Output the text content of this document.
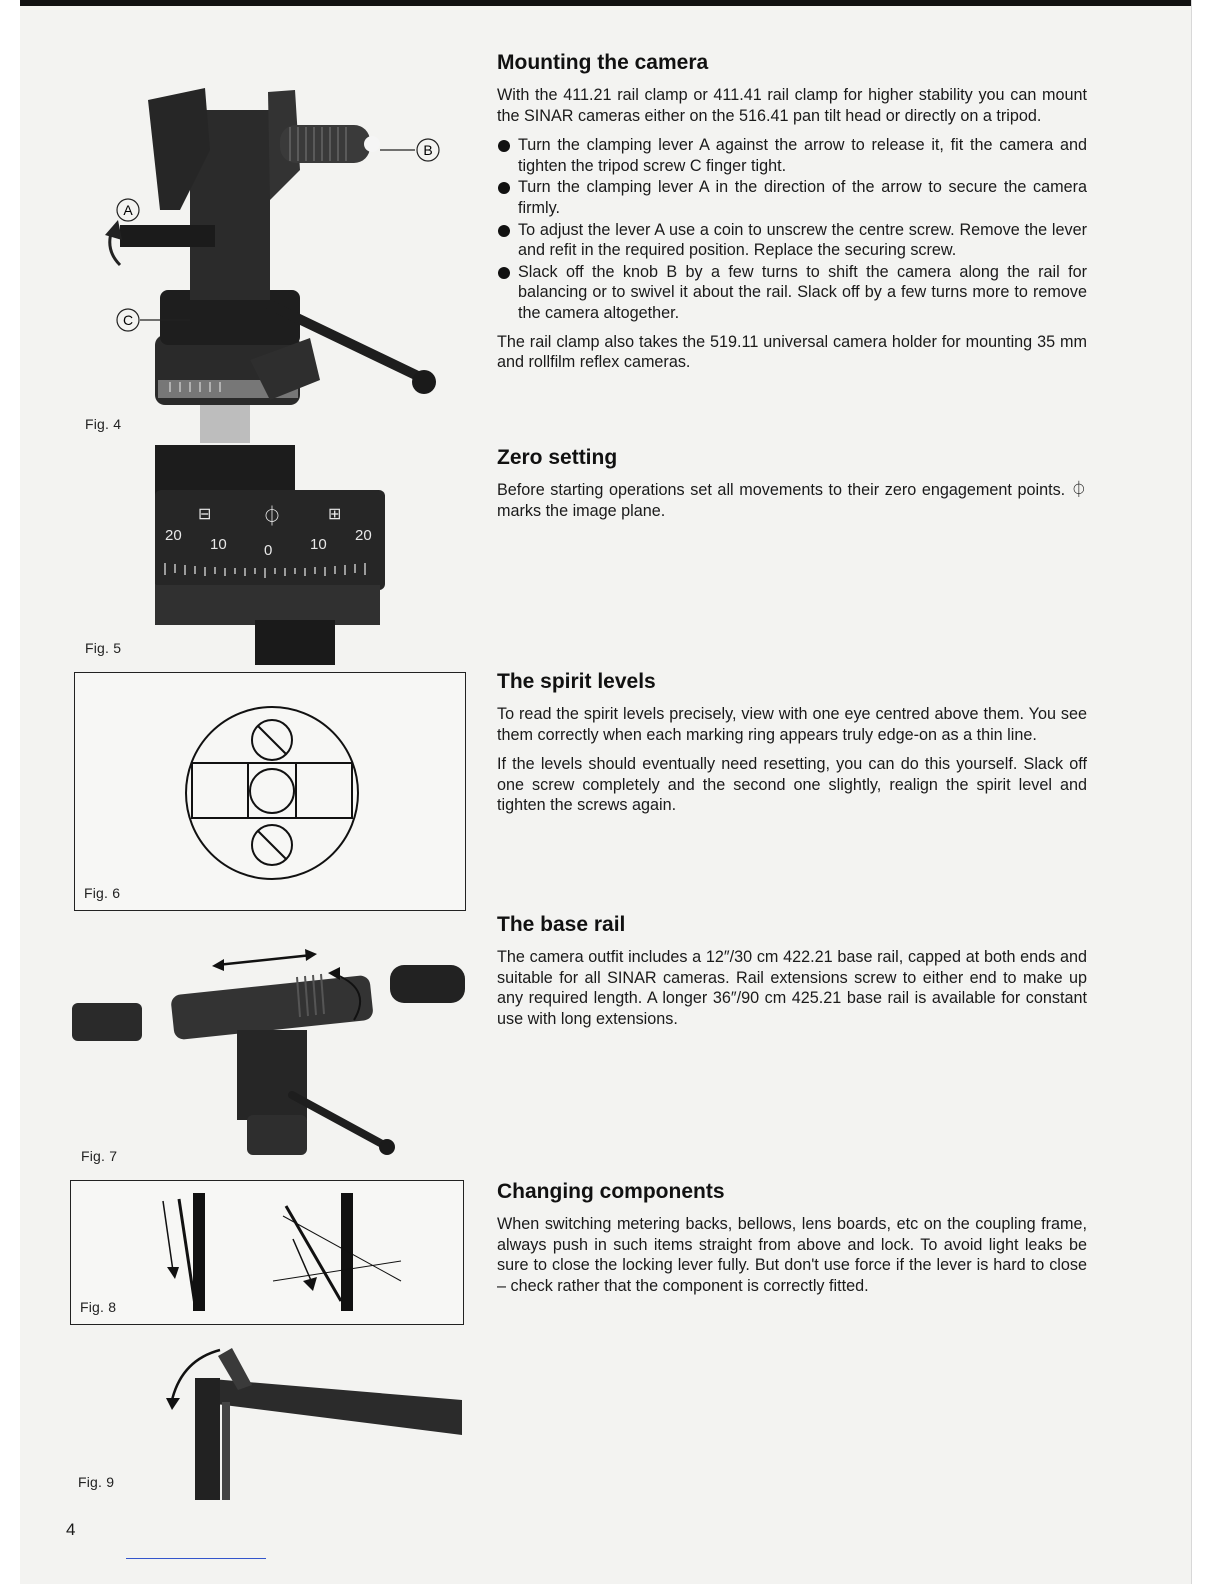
B
A
C
Fig. 4
20
10 0	10
20
⊟	⏀	⊞
Fig. 5
Fig. 6
Fig. 7
Fig. 8
Fig. 9
Mounting the camera

With the 411.21 rail clamp or 411.41 rail clamp for higher stability you can mount the SINAR cameras either on the 516.41 pan tilt head or directly on a tripod.

Turn the clamping lever A against the arrow to release it, fit the camera and tighten the tripod screw C finger tight.
Turn the clamping lever A in the direction of the arrow to secure the camera firmly.
To adjust the lever A use a coin to unscrew the centre screw. Remove the lever and refit in the required position. Replace the securing screw.
Slack off the knob B by a few turns to shift the camera along the rail for balancing or to swivel it about the rail. Slack off by a few turns more to remove the camera altogether.

The rail clamp also takes the 519.11 universal camera holder for mounting 35 mm and rollfilm reflex cameras.

Zero setting

Before starting operations set all movements to their zero engagement points. ⏀ marks the image plane.

The spirit levels

To read the spirit levels precisely, view with one eye centred above them. You see them correctly when each marking ring appears truly edge-on as a thin line.

If the levels should eventually need resetting, you can do this yourself. Slack off one screw completely and the second one slightly, realign the spirit level and tighten the screws again.

The base rail

The camera outfit includes a 12″/30 cm 422.21 base rail, capped at both ends and suitable for all SINAR cameras. Rail extensions screw to either end to make up any required length. A longer 36″/90 cm 425.21 base rail is available for constant use with long extensions.

Changing components

When switching metering backs, bellows, lens boards, etc on the coupling frame, always push in such items straight from above and lock. To avoid light leaks be sure to close the locking lever fully. But don't use force if the lever is hard to close – check rather that the component is correctly fitted.

4
